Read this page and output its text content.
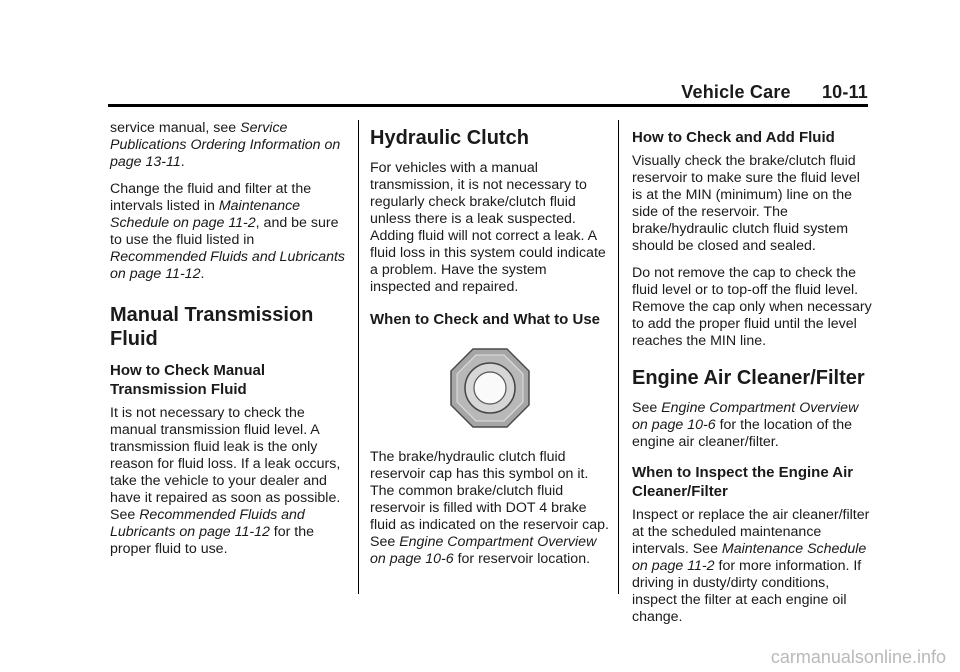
Vehicle Care 10-11

service manual, see Service Publications Ordering Information on page 13-11.

Change the fluid and filter at the intervals listed in Maintenance Schedule on page 11-2, and be sure to use the fluid listed in Recommended Fluids and Lubricants on page 11-12.

Manual Transmission Fluid
How to Check Manual Transmission Fluid

It is not necessary to check the manual transmission fluid level. A transmission fluid leak is the only reason for fluid loss. If a leak occurs, take the vehicle to your dealer and have it repaired as soon as possible. See Recommended Fluids and Lubricants on page 11-12 for the proper fluid to use.

Hydraulic Clutch

For vehicles with a manual transmission, it is not necessary to regularly check brake/clutch fluid unless there is a leak suspected. Adding fluid will not correct a leak. A fluid loss in this system could indicate a problem. Have the system inspected and repaired.

When to Check and What to Use

The brake/hydraulic clutch fluid reservoir cap has this symbol on it. The common brake/clutch fluid reservoir is filled with DOT 4 brake fluid as indicated on the reservoir cap. See Engine Compartment Overview on page 10-6 for reservoir location.

How to Check and Add Fluid

Visually check the brake/clutch fluid reservoir to make sure the fluid level is at the MIN (minimum) line on the side of the reservoir. The brake/hydraulic clutch fluid system should be closed and sealed.

Do not remove the cap to check the fluid level or to top-off the fluid level. Remove the cap only when necessary to add the proper fluid until the level reaches the MIN line.

Engine Air Cleaner/Filter

See Engine Compartment Overview on page 10-6 for the location of the engine air cleaner/filter.

When to Inspect the Engine Air Cleaner/Filter

Inspect or replace the air cleaner/filter at the scheduled maintenance intervals. See Maintenance Schedule on page 11-2 for more information. If driving in dusty/dirty conditions, inspect the filter at each engine oil change.

carmanualsonline.info
